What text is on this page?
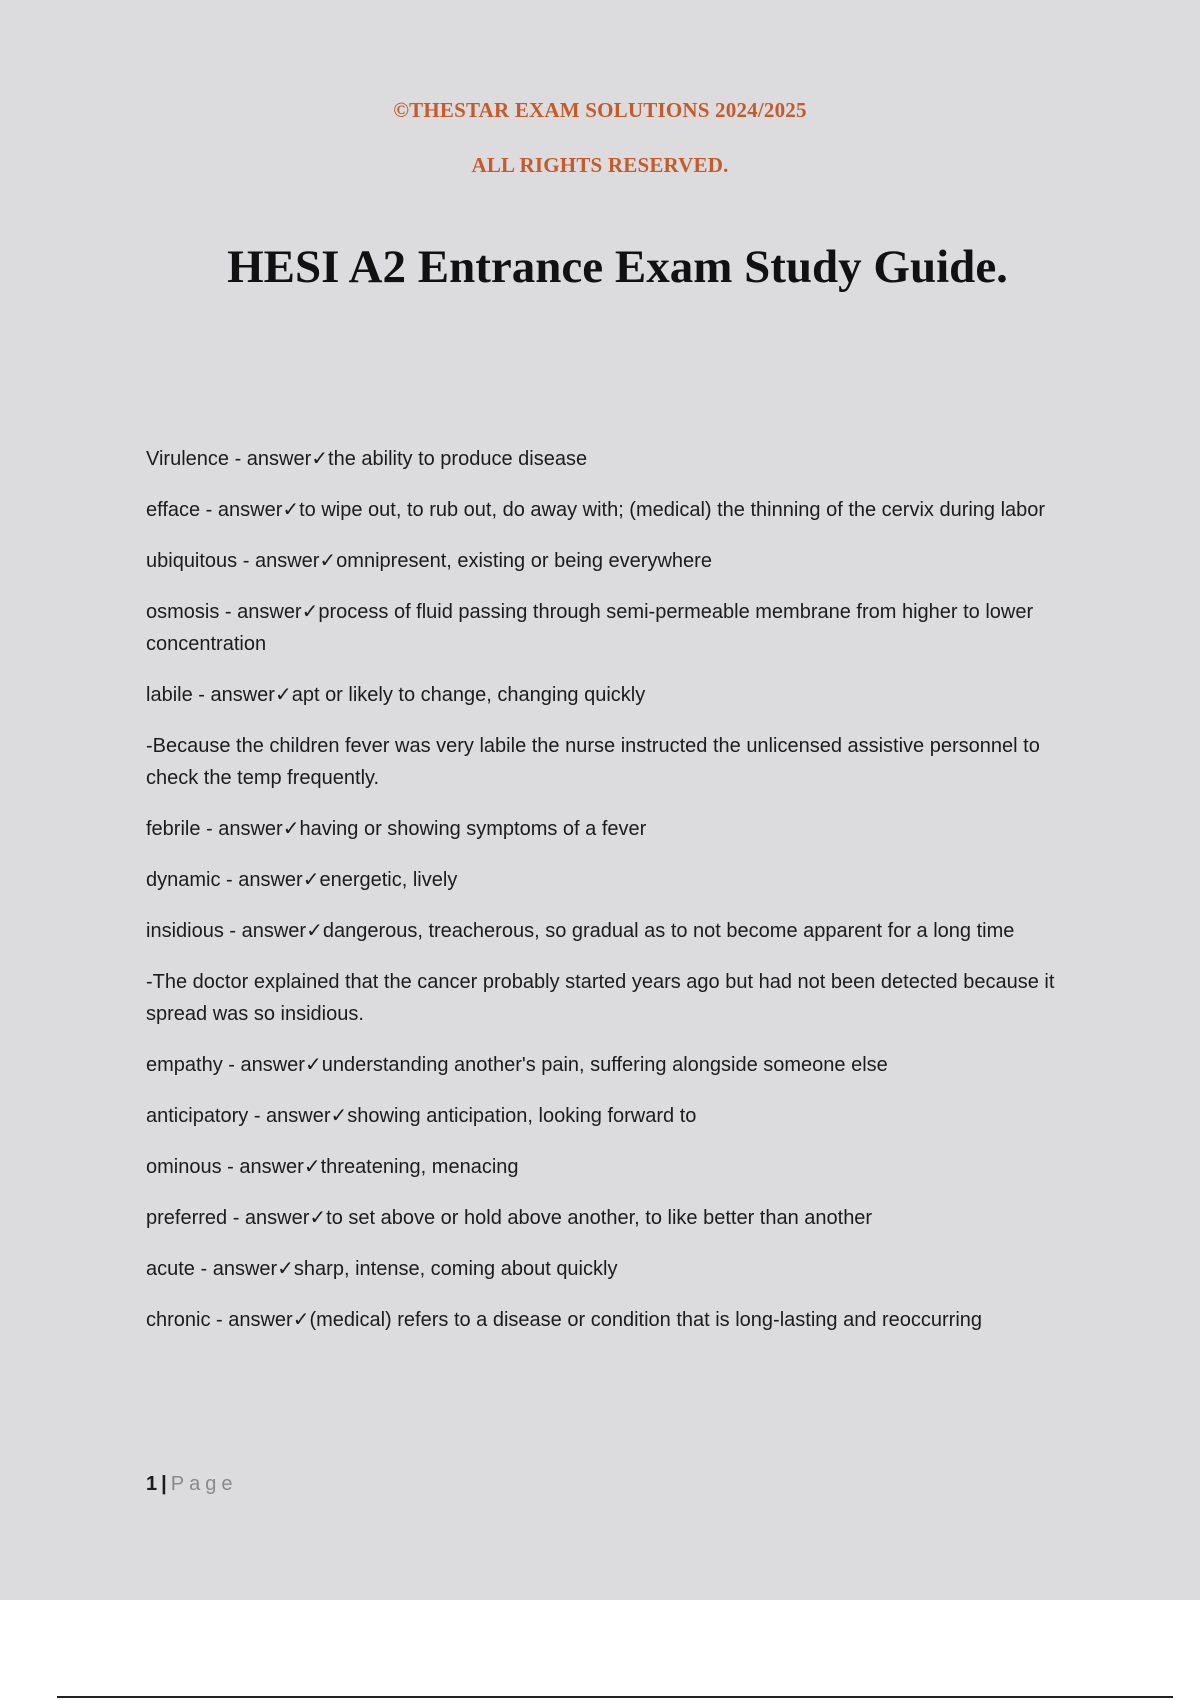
©THESTAR EXAM SOLUTIONS 2024/2025
ALL RIGHTS RESERVED.
HESI A2 Entrance Exam Study Guide.

Virulence - answer✓the ability to produce disease

efface - answer✓to wipe out, to rub out, do away with; (medical) the thinning of the cervix during labor

ubiquitous - answer✓omnipresent, existing or being everywhere

osmosis - answer✓process of fluid passing through semi-permeable membrane from higher to lower concentration

labile - answer✓apt or likely to change, changing quickly

-Because the children fever was very labile the nurse instructed the unlicensed assistive personnel to check the temp frequently.

febrile - answer✓having or showing symptoms of a fever

dynamic - answer✓energetic, lively

insidious - answer✓dangerous, treacherous, so gradual as to not become apparent for a long time

-The doctor explained that the cancer probably started years ago but had not been detected because it spread was so insidious.

empathy - answer✓understanding another's pain, suffering alongside someone else

anticipatory - answer✓showing anticipation, looking forward to

ominous - answer✓threatening, menacing

preferred - answer✓to set above or hold above another, to like better than another

acute - answer✓sharp, intense, coming about quickly

chronic - answer✓(medical) refers to a disease or condition that is long-lasting and reoccurring

1 | Page
